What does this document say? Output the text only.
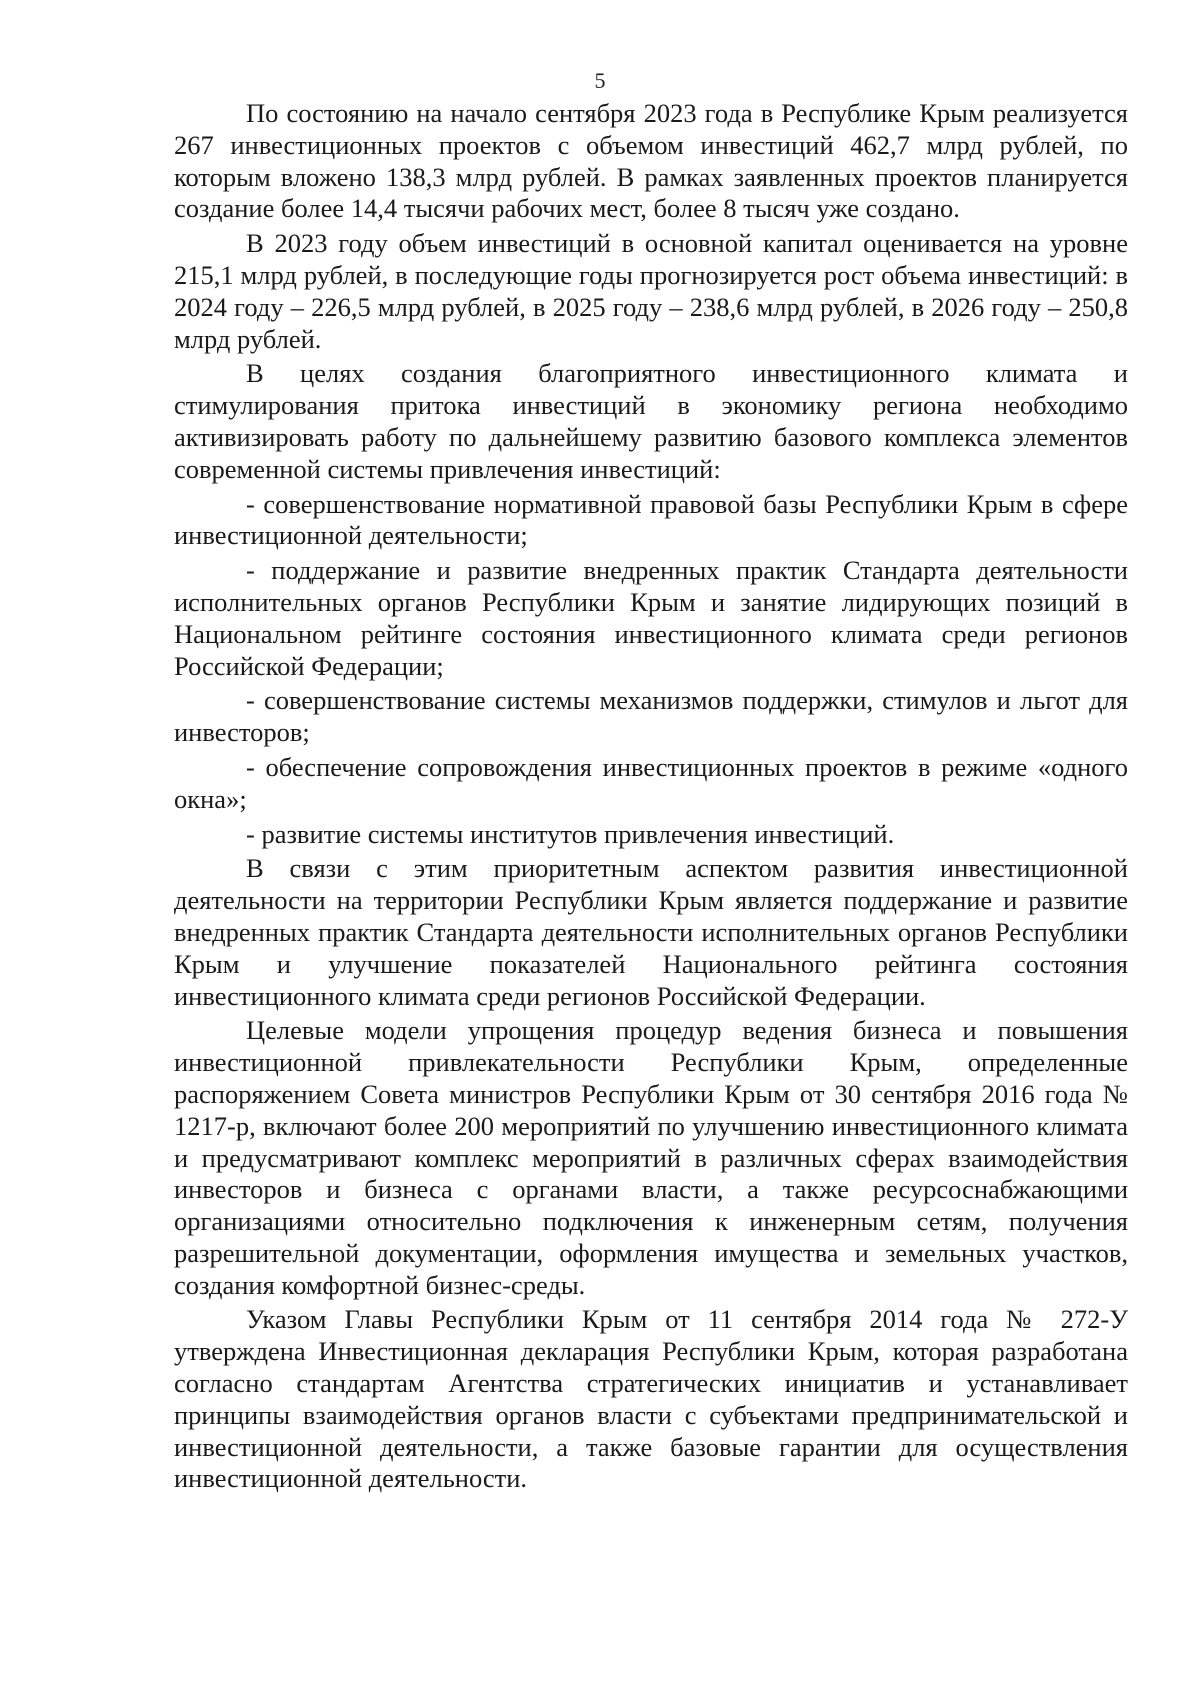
5

По состоянию на начало сентября 2023 года в Республике Крым реализуется 267 инвестиционных проектов с объемом инвестиций 462,7 млрд рублей, по которым вложено 138,3 млрд рублей. В рамках заявленных проектов планируется создание более 14,4 тысячи рабочих мест, более 8 тысяч уже создано.

В 2023 году объем инвестиций в основной капитал оценивается на уровне 215,1 млрд рублей, в последующие годы прогнозируется рост объема инвестиций: в 2024 году – 226,5 млрд рублей, в 2025 году – 238,6 млрд рублей, в 2026 году – 250,8 млрд рублей.

В целях создания благоприятного инвестиционного климата и стимулирования притока инвестиций в экономику региона необходимо активизировать работу по дальнейшему развитию базового комплекса элементов современной системы привлечения инвестиций:

- совершенствование нормативной правовой базы Республики Крым в сфере инвестиционной деятельности;

- поддержание и развитие внедренных практик Стандарта деятельности исполнительных органов Республики Крым и занятие лидирующих позиций в Национальном рейтинге состояния инвестиционного климата среди регионов Российской Федерации;

- совершенствование системы механизмов поддержки, стимулов и льгот для инвесторов;

- обеспечение сопровождения инвестиционных проектов в режиме «одного окна»;

- развитие системы институтов привлечения инвестиций.

В связи с этим приоритетным аспектом развития инвестиционной деятельности на территории Республики Крым является поддержание и развитие внедренных практик Стандарта деятельности исполнительных органов Республики Крым и улучшение показателей Национального рейтинга состояния инвестиционного климата среди регионов Российской Федерации.

Целевые модели упрощения процедур ведения бизнеса и повышения инвестиционной привлекательности Республики Крым, определенные распоряжением Совета министров Республики Крым от 30 сентября 2016 года № 1217-р, включают более 200 мероприятий по улучшению инвестиционного климата и предусматривают комплекс мероприятий в различных сферах взаимодействия инвесторов и бизнеса с органами власти, а также ресурсоснабжающими организациями относительно подключения к инженерным сетям, получения разрешительной документации, оформления имущества и земельных участков, создания комфортной бизнес-среды.

Указом Главы Республики Крым от 11 сентября 2014 года № 272-У утверждена Инвестиционная декларация Республики Крым, которая разработана согласно стандартам Агентства стратегических инициатив и устанавливает принципы взаимодействия органов власти с субъектами предпринимательской и инвестиционной деятельности, а также базовые гарантии для осуществления инвестиционной деятельности.
